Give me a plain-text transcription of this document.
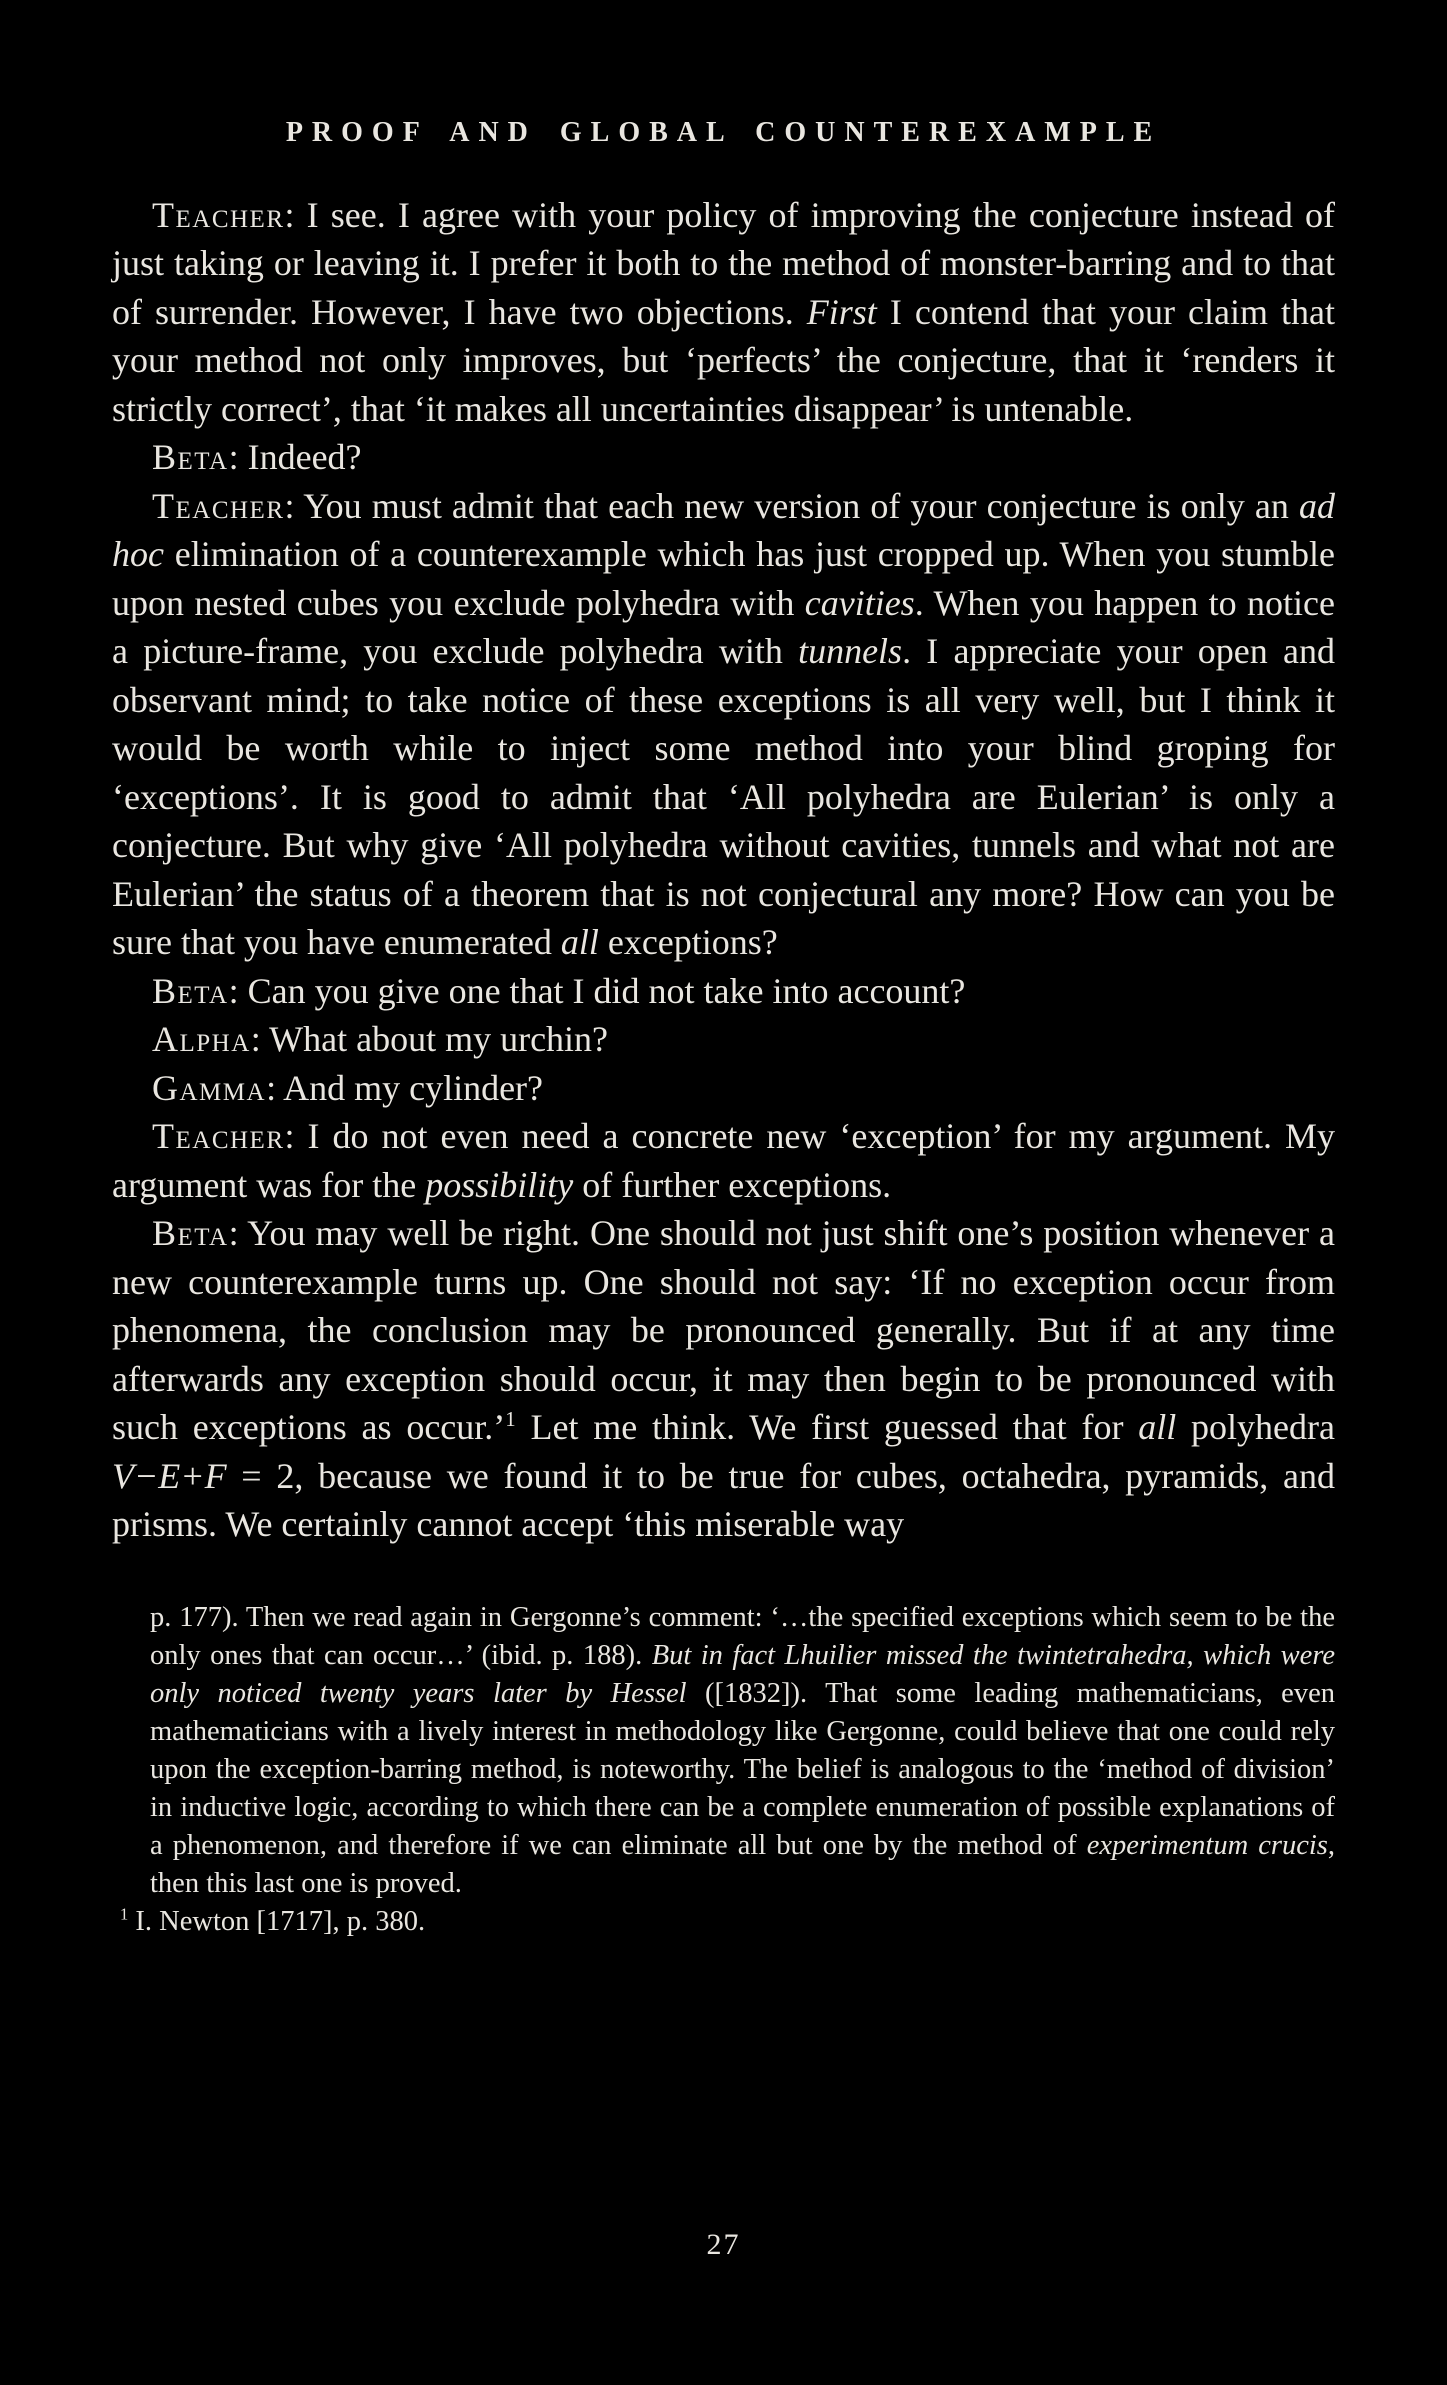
PROOF AND GLOBAL COUNTEREXAMPLE

Teacher: I see. I agree with your policy of improving the conjecture instead of just taking or leaving it. I prefer it both to the method of monster-barring and to that of surrender. However, I have two objections. First I contend that your claim that your method not only improves, but ‘perfects’ the conjecture, that it ‘renders it strictly correct’, that ‘it makes all uncertainties disappear’ is untenable.

Beta: Indeed?

Teacher: You must admit that each new version of your conjecture is only an ad hoc elimination of a counterexample which has just cropped up. When you stumble upon nested cubes you exclude polyhedra with cavities. When you happen to notice a picture-frame, you exclude polyhedra with tunnels. I appreciate your open and observant mind; to take notice of these exceptions is all very well, but I think it would be worth while to inject some method into your blind groping for ‘exceptions’. It is good to admit that ‘All polyhedra are Eulerian’ is only a conjecture. But why give ‘All polyhedra without cavities, tunnels and what not are Eulerian’ the status of a theorem that is not conjectural any more? How can you be sure that you have enumerated all exceptions?

Beta: Can you give one that I did not take into account?

Alpha: What about my urchin?

Gamma: And my cylinder?

Teacher: I do not even need a concrete new ‘exception’ for my argument. My argument was for the possibility of further exceptions.

Beta: You may well be right. One should not just shift one’s position whenever a new counterexample turns up. One should not say: ‘If no exception occur from phenomena, the conclusion may be pronounced generally. But if at any time afterwards any exception should occur, it may then begin to be pronounced with such exceptions as occur.’$^1$ Let me think. We first guessed that for all polyhedra V−E+F = 2, because we found it to be true for cubes, octahedra, pyramids, and prisms. We certainly cannot accept ‘this miserable way

p. 177). Then we read again in Gergonne’s comment: ‘…the specified exceptions which seem to be the only ones that can occur…’ (ibid. p. 188). But in fact Lhuilier missed the twintetrahedra, which were only noticed twenty years later by Hessel ([1832]). That some leading mathematicians, even mathematicians with a lively interest in methodology like Gergonne, could believe that one could rely upon the exception-barring method, is noteworthy. The belief is analogous to the ‘method of division’ in inductive logic, according to which there can be a complete enumeration of possible explanations of a phenomenon, and therefore if we can eliminate all but one by the method of experimentum crucis, then this last one is proved.

$^1$ I. Newton [1717], p. 380.

27
